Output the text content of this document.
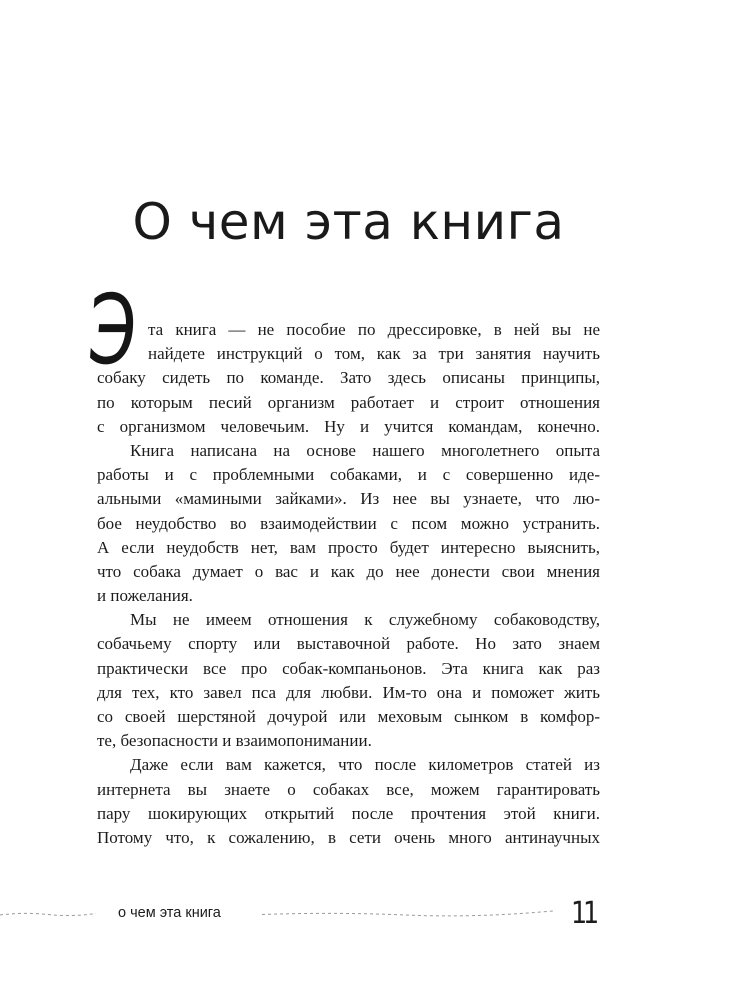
О чем эта книга
Э та книга — не пособие по дрессировке, в ней вы не
найдете инструкций о том, как за три занятия научить
собаку сидеть по команде. Зато здесь описаны принципы,
по которым песий организм работает и строит отношения
с организмом человечьим. Ну и учится командам, конечно.
Книга написана на основе нашего многолетнего опыта
работы и с проблемными собаками, и с совершенно иде-
альными «мамиными зайками». Из нее вы узнаете, что лю-
бое неудобство во взаимодействии с псом можно устранить.
А если неудобств нет, вам просто будет интересно выяснить,
что собака думает о вас и как до нее донести свои мнения
и пожелания.
Мы не имеем отношения к служебному собаководству,
собачьему спорту или выставочной работе. Но зато знаем
практически все про собак-компаньонов. Эта книга как раз
для тех, кто завел пса для любви. Им-то она и поможет жить
со своей шерстяной дочурой или меховым сынком в комфор-
те, безопасности и взаимопонимании.
Даже если вам кажется, что после километров статей из
интернета вы знаете о собаках все, можем гарантировать
пару шокирующих открытий после прочтения этой книги.
Потому что, к сожалению, в сети очень много антинаучных
о чем эта книга	11
